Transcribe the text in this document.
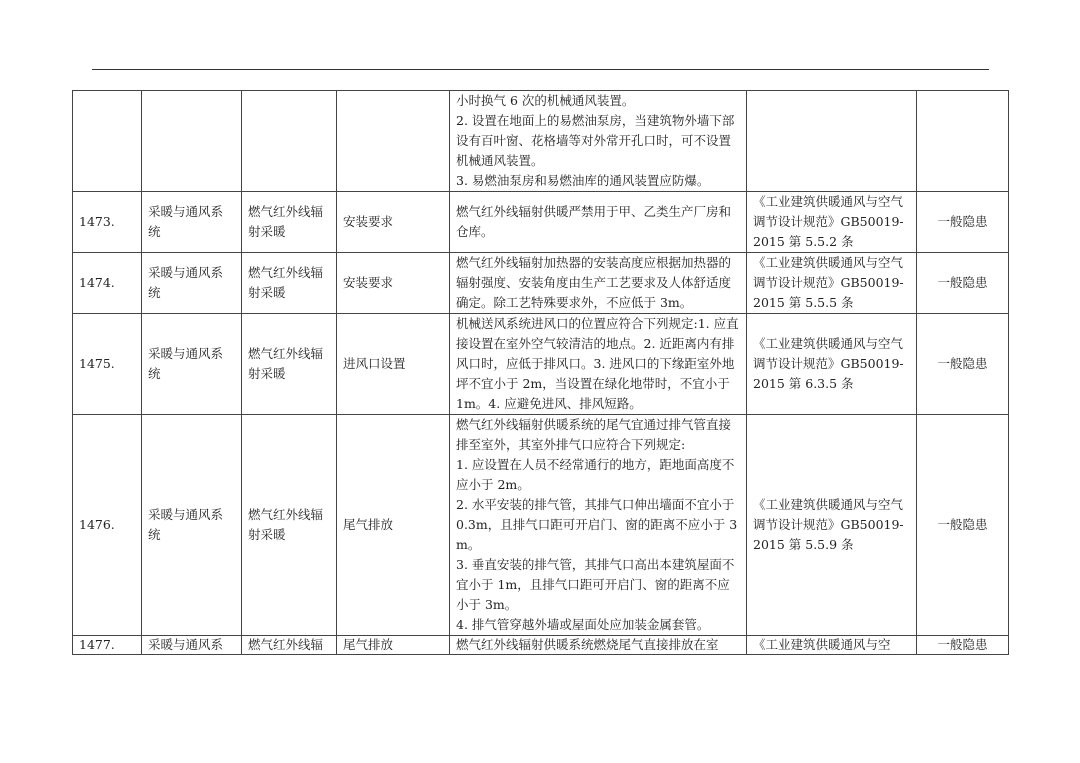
				小时换气 6 次的机械通风装置。
2. 设置在地面上的易燃油泵房，当建筑物外墙下部设有百叶窗、花格墙等对外常开孔口时，可不设置机械通风装置。
3. 易燃油泵房和易燃油库的通风装置应防爆。		

1473.	采暖与通风系统	燃气红外线辐射采暖	安装要求	燃气红外线辐射供暖严禁用于甲、乙类生产厂房和仓库。	《工业建筑供暖通风与空气调节设计规范》GB50019-2015 第 5.5.2 条	一般隐患
1474.	采暖与通风系统	燃气红外线辐射采暖	安装要求	燃气红外线辐射加热器的安装高度应根据加热器的辐射强度、安装角度由生产工艺要求及人体舒适度确定。除工艺特殊要求外，不应低于 3m。	《工业建筑供暖通风与空气调节设计规范》GB50019-2015 第 5.5.5 条	一般隐患
1475.	采暖与通风系统	燃气红外线辐射采暖	进风口设置	机械送风系统进风口的位置应符合下列规定:1. 应直接设置在室外空气较清洁的地点。2. 近距离内有排风口时，应低于排风口。3. 进风口的下缘距室外地坪不宜小于 2m，当设置在绿化地带时，不宜小于 1m。4. 应避免进风、排风短路。	《工业建筑供暖通风与空气调节设计规范》GB50019-2015 第 6.3.5 条	一般隐患
1476.	采暖与通风系统	燃气红外线辐射采暖	尾气排放	燃气红外线辐射供暖系统的尾气宜通过排气管直接排至室外，其室外排气口应符合下列规定:
1. 应设置在人员不经常通行的地方，距地面高度不应小于 2m。
2. 水平安装的排气管，其排气口伸出墙面不宜小于 0.3m，且排气口距可开启门、窗的距离不应小于 3m。
3. 垂直安装的排气管，其排气口高出本建筑屋面不宜小于 1m，且排气口距可开启门、窗的距离不应小于 3m。
4. 排气管穿越外墙或屋面处应加装金属套管。	《工业建筑供暖通风与空气调节设计规范》GB50019-2015 第 5.5.9 条	一般隐患

1477.	采暖与通风系	燃气红外线辐	尾气排放	燃气红外线辐射供暖系统燃烧尾气直接排放在室	《工业建筑供暖通风与空	一般隐患
